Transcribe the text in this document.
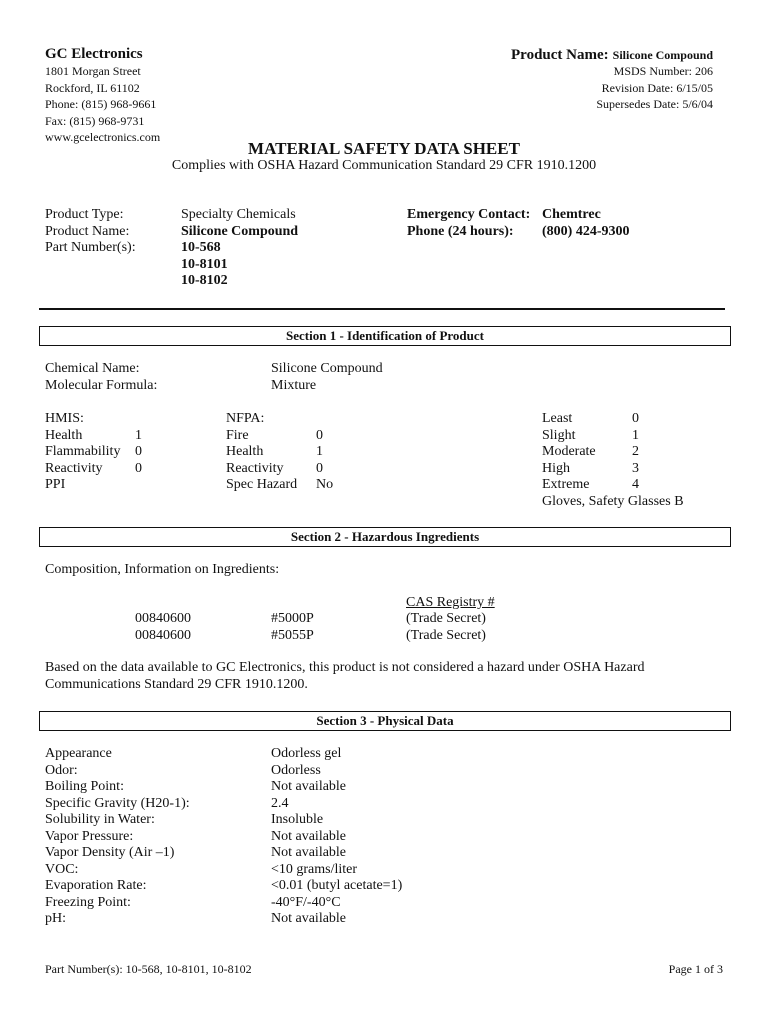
GC Electronics
1801 Morgan Street
Rockford, IL 61102
Phone: (815) 968-9661
Fax: (815) 968-9731
www.gcelectronics.com
Product Name: Silicone Compound
MSDS Number: 206
Revision Date: 6/15/05
Supersedes Date: 5/6/04
MATERIAL SAFETY DATA SHEET
Complies with OSHA Hazard Communication Standard 29 CFR 1910.1200
Product Type:
Product Name:
Part Number(s):
Specialty Chemicals
Silicone Compound
10-568
10-8101
10-8102
Emergency Contact:
Phone (24 hours):
Chemtrec
(800) 424-9300
Section 1 - Identification of Product
Chemical Name:
Molecular Formula:
Silicone Compound
Mixture
HMIS:
Health
Flammability
Reactivity
PPI
1
0
0
NFPA:
Fire
Health
Reactivity
Spec Hazard
0
1
0
No
Least
Slight
Moderate
High
Extreme
Gloves, Safety Glasses B
0
1
2
3
4
Section 2 - Hazardous Ingredients
Composition, Information on Ingredients:
CAS Registry #
00840600
00840600
#5000P
#5055P
(Trade Secret)
(Trade Secret)
Based on the data available to GC Electronics, this product is not considered a hazard under OSHA Hazard
Communications Standard 29 CFR 1910.1200.
Section 3 - Physical Data
Appearance
Odor:
Boiling Point:
Specific Gravity (H20-1):
Solubility in Water:
Vapor Pressure:
Vapor Density (Air –1)
VOC:
Evaporation Rate:
Freezing Point:
pH:
Odorless gel
Odorless
Not available
2.4
Insoluble
Not available
Not available
<10 grams/liter
<0.01 (butyl acetate=1)
-40°F/-40°C
Not available
Part Number(s): 10-568, 10-8101, 10-8102	Page 1 of 3
